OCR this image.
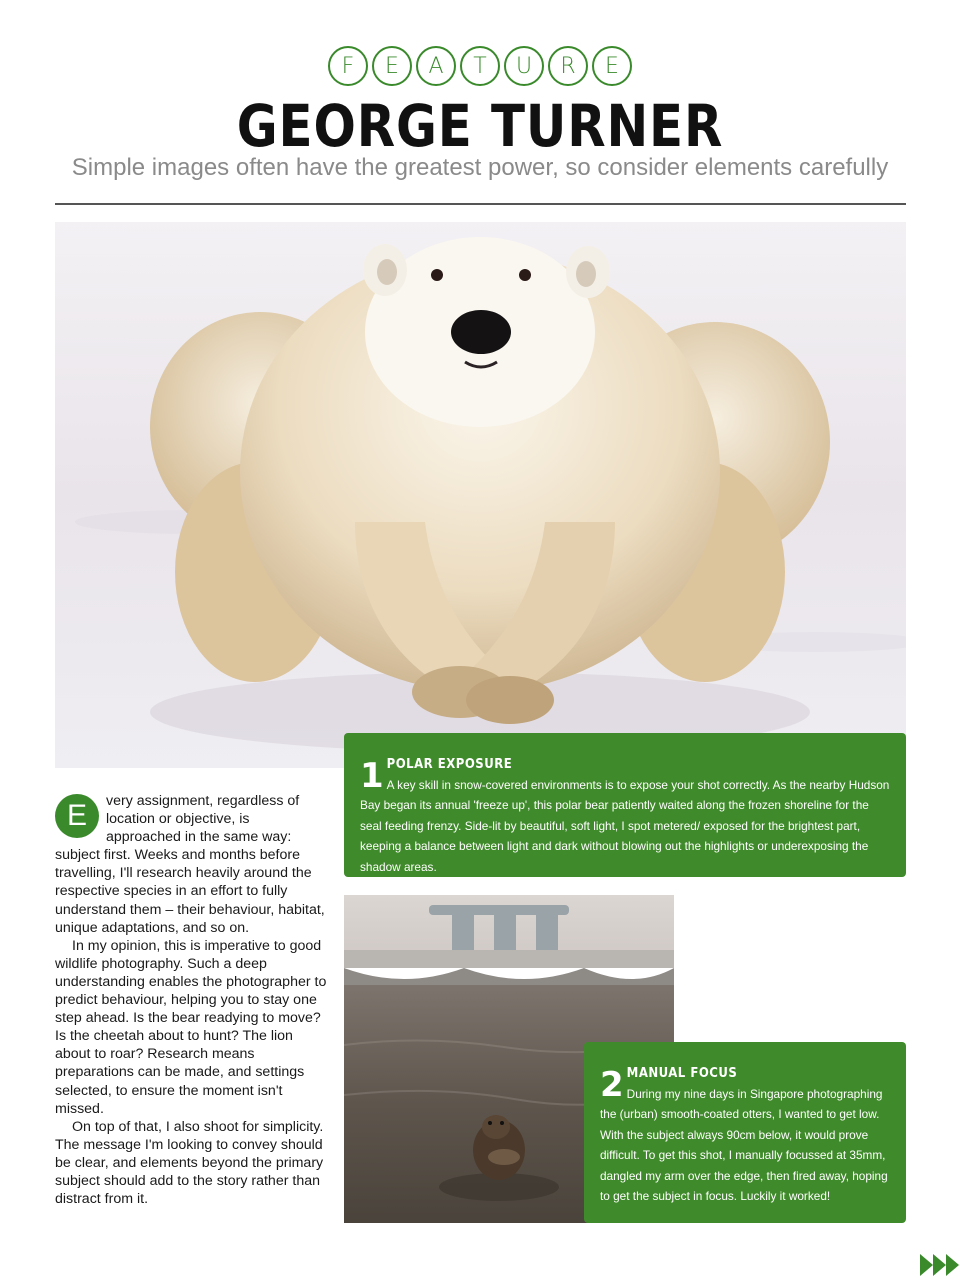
F	E	A	T	U	R	E
GEORGE TURNER
Simple images often have the greatest power, so consider elements carefully
1 POLAR EXPOSURE
A key skill in snow-covered environments is to expose your shot correctly. As the nearby Hudson Bay began its annual 'freeze up', this polar bear patiently waited along the frozen shoreline for the seal feeding frenzy. Side-lit by beautiful, soft light, I spot metered/ exposed for the brightest part, keeping a balance between light and dark without blowing out the highlights or underexposing the shadow areas.
2 MANUAL FOCUS
During my nine days in Singapore photographing the (urban) smooth-coated otters, I wanted to get low. With the subject always 90cm below, it would prove difficult. To get this shot, I manually focussed at 35mm, dangled my arm over the edge, then fired away, hoping to get the subject in focus. Luckily it worked!

E	very assignment, regardless of location or objective, is approached in the same way: subject first. Weeks and months before travelling, I'll research heavily around the respective species in an effort to fully understand them – their behaviour, habitat, unique adaptations, and so on.

In my opinion, this is imperative to good wildlife photography. Such a deep understanding enables the photographer to predict behaviour, helping you to stay one step ahead. Is the bear readying to move? Is the cheetah about to hunt? The lion about to roar? Research means preparations can be made, and settings selected, to ensure the moment isn't missed.

On top of that, I also shoot for simplicity. The message I'm looking to convey should be clear, and elements beyond the primary subject should add to the story rather than distract from it.
